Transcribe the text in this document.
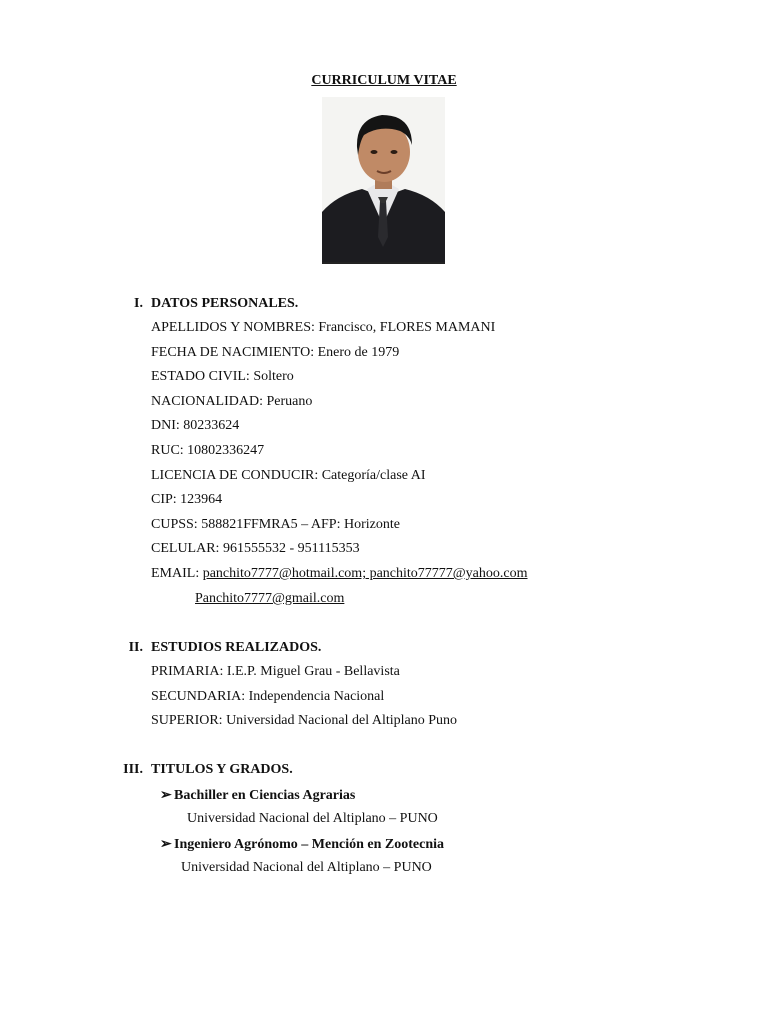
CURRICULUM VITAE
I. DATOS PERSONALES.
APELLIDOS Y NOMBRES: Francisco, FLORES MAMANI
FECHA DE NACIMIENTO: Enero de 1979
ESTADO CIVIL: Soltero
NACIONALIDAD: Peruano
DNI: 80233624
RUC: 10802336247
LICENCIA DE CONDUCIR: Categoría/clase AI
CIP: 123964
CUPSS: 588821FFMRA5 – AFP: Horizonte
CELULAR: 961555532 - 951115353
EMAIL: panchito7777@hotmail.com; panchito77777@yahoo.com
Panchito7777@gmail.com
II. ESTUDIOS REALIZADOS.
PRIMARIA: I.E.P. Miguel Grau - Bellavista
SECUNDARIA: Independencia Nacional
SUPERIOR: Universidad Nacional del Altiplano Puno
III. TITULOS Y GRADOS.
➢ Bachiller en Ciencias Agrarias
Universidad Nacional del Altiplano – PUNO
➢ Ingeniero Agrónomo – Mención en Zootecnia
Universidad Nacional del Altiplano – PUNO
